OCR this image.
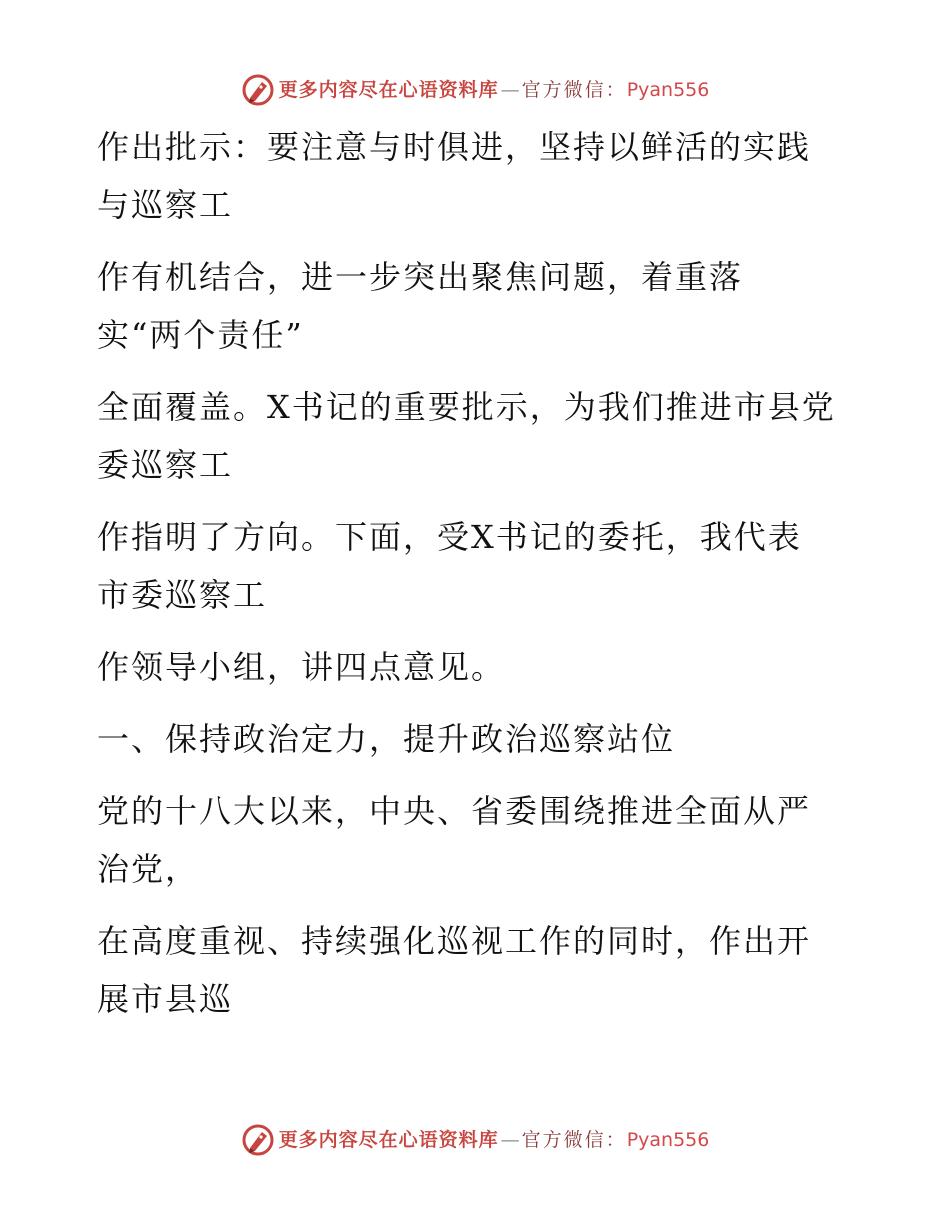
更多内容尽在心语资料库 — 官方微信： Pyan556

作出批示：要注意与时俱进，坚持以鲜活的实践
与巡察工

作有机结合，进一步突出聚焦问题，着重落
实“两个责任”

全面覆盖。X书记的重要批示，为我们推进市县党
委巡察工

作指明了方向。下面，受X书记的委托，我代表
市委巡察工

作领导小组，讲四点意见。

一、保持政治定力，提升政治巡察站位

党的十八大以来，中央、省委围绕推进全面从严
治党，

在高度重视、持续强化巡视工作的同时，作出开
展市县巡

更多内容尽在心语资料库 — 官方微信： Pyan556
